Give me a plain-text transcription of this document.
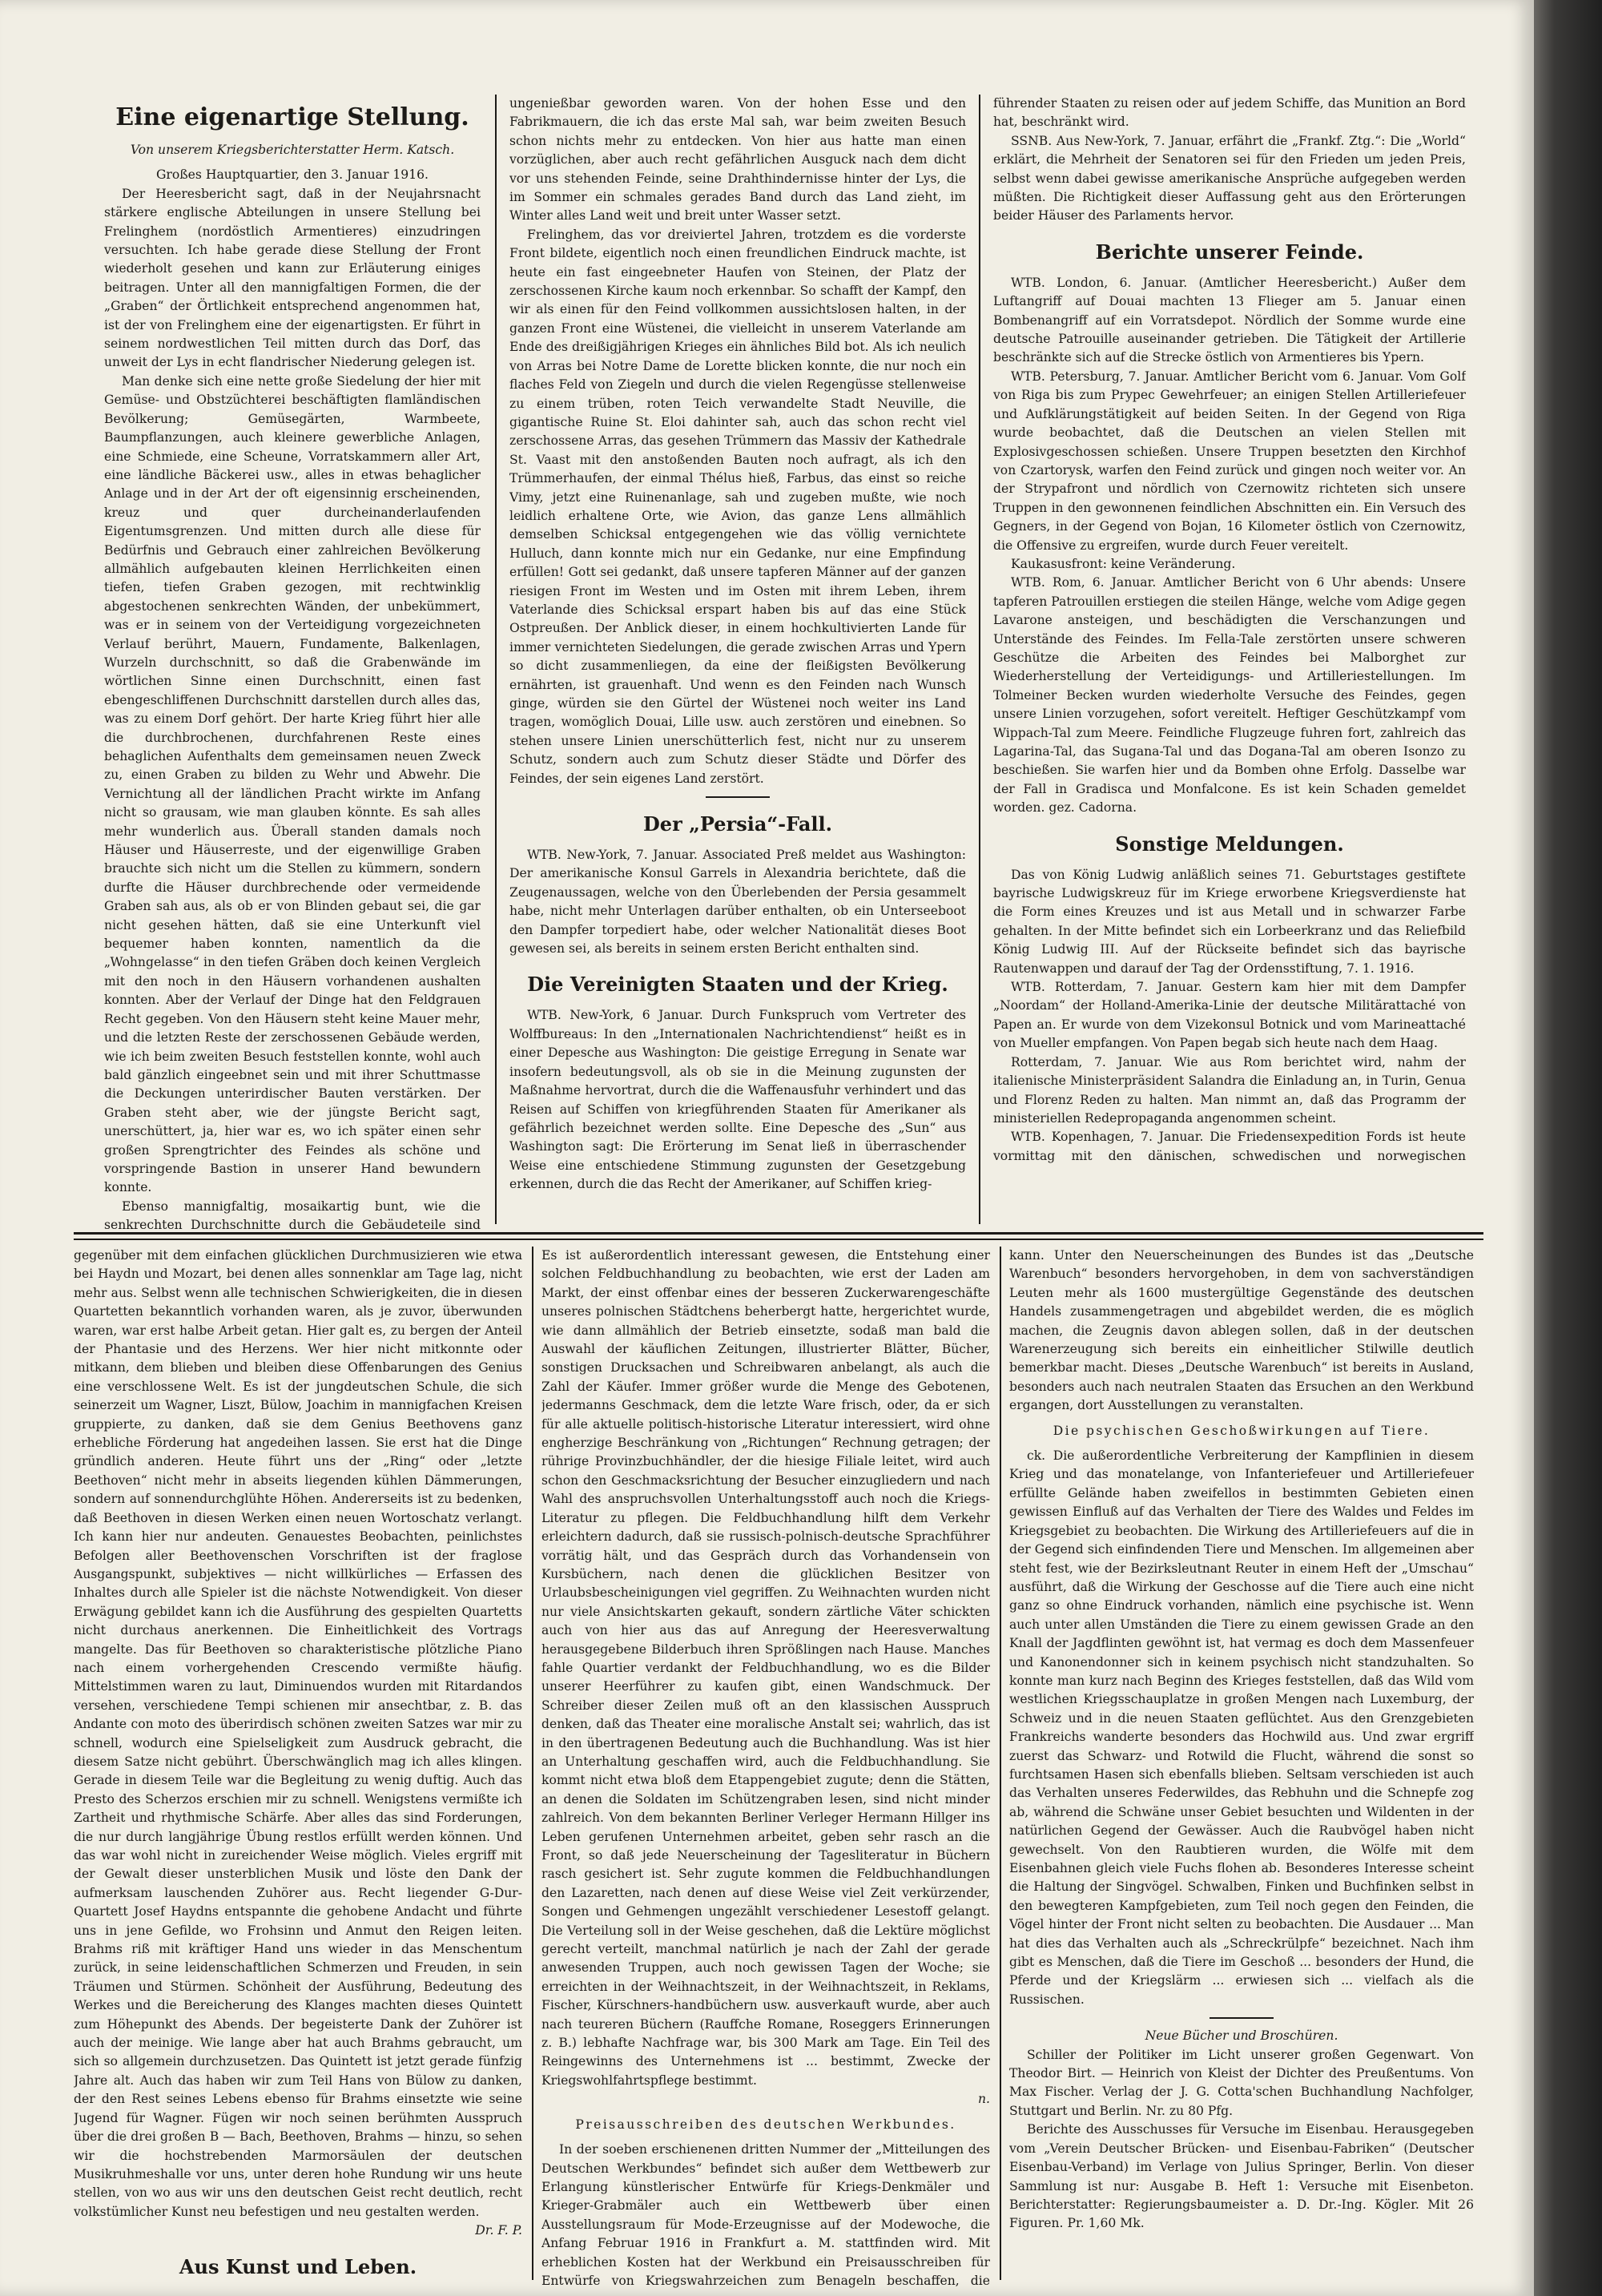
Eine eigenartige Stellung.

Von unserem Kriegsberichterstatter Herm. Katsch.

Großes Hauptquartier, den 3. Januar 1916.

Der Heeresbericht sagt, daß in der Neujahrsnacht stärkere englische Abteilungen in unsere Stellung bei Frelinghem (nordöstlich Armentieres) einzudringen versuchten. Ich habe gerade diese Stellung der Front wiederholt gesehen und kann zur Erläuterung einiges beitragen. Unter all den mannigfaltigen Formen, die der „Graben“ der Örtlichkeit entsprechend angenommen hat, ist der von Frelinghem eine der eigenartigsten. Er führt in seinem nordwestlichen Teil mitten durch das Dorf, das unweit der Lys in echt flandrischer Niederung gelegen ist.

Man denke sich eine nette große Siedelung der hier mit Gemüse- und Obstzüchterei beschäftigten flamländischen Bevölkerung; Gemüsegärten, Warmbeete, Baumpflanzungen, auch kleinere gewerbliche Anlagen, eine Schmiede, eine Scheune, Vorratskammern aller Art, eine ländliche Bäckerei usw., alles in etwas behaglicher Anlage und in der Art der oft eigensinnig erscheinenden, kreuz und quer durcheinanderlaufenden Eigentumsgrenzen. Und mitten durch alle diese für Bedürfnis und Gebrauch einer zahlreichen Bevölkerung allmählich aufgebauten kleinen Herrlichkeiten einen tiefen, tiefen Graben gezogen, mit rechtwinklig abgestochenen senkrechten Wänden, der unbekümmert, was er in seinem von der Verteidigung vorgezeichneten Verlauf berührt, Mauern, Fundamente, Balkenlagen, Wurzeln durchschnitt, so daß die Grabenwände im wörtlichen Sinne einen Durchschnitt, einen fast ebengeschliffenen Durchschnitt darstellen durch alles das, was zu einem Dorf gehört. Der harte Krieg führt hier alle die durchbrochenen, durchfahrenen Reste eines behaglichen Aufenthalts dem gemeinsamen neuen Zweck zu, einen Graben zu bilden zu Wehr und Abwehr. Die Vernichtung all der ländlichen Pracht wirkte im Anfang nicht so grausam, wie man glauben könnte. Es sah alles mehr wunderlich aus. Überall standen damals noch Häuser und Häuserreste, und der eigenwillige Graben brauchte sich nicht um die Stellen zu kümmern, sondern durfte die Häuser durchbrechende oder vermeidende Graben sah aus, als ob er von Blinden gebaut sei, die gar nicht gesehen hätten, daß sie eine Unterkunft viel bequemer haben konnten, namentlich da die „Wohngelasse“ in den tiefen Gräben doch keinen Vergleich mit den noch in den Häusern vorhandenen aushalten konnten. Aber der Verlauf der Dinge hat den Feldgrauen Recht gegeben. Von den Häusern steht keine Mauer mehr, und die letzten Reste der zerschossenen Gebäude werden, wie ich beim zweiten Besuch feststellen konnte, wohl auch bald gänzlich eingeebnet sein und mit ihrer Schuttmasse die Deckungen unterirdischer Bauten verstärken. Der Graben steht aber, wie der jüngste Bericht sagt, unerschüttert, ja, hier war es, wo ich später einen sehr großen Sprengtrichter des Feindes als schöne und vorspringende Bastion in unserer Hand bewundern konnte.

Ebenso mannigfaltig, mosaikartig bunt, wie die senkrechten Durchschnitte durch die Gebäudeteile sind

ungenießbar geworden waren. Von der hohen Esse und den Fabrikmauern, die ich das erste Mal sah, war beim zweiten Besuch schon nichts mehr zu entdecken. Von hier aus hatte man einen vorzüglichen, aber auch recht gefährlichen Ausguck nach dem dicht vor uns stehenden Feinde, seine Drahthindernisse hinter der Lys, die im Sommer ein schmales gerades Band durch das Land zieht, im Winter alles Land weit und breit unter Wasser setzt.

Frelinghem, das vor dreiviertel Jahren, trotzdem es die vorderste Front bildete, eigentlich noch einen freundlichen Eindruck machte, ist heute ein fast eingeebneter Haufen von Steinen, der Platz der zerschossenen Kirche kaum noch erkennbar. So schafft der Kampf, den wir als einen für den Feind vollkommen aussichtslosen halten, in der ganzen Front eine Wüstenei, die vielleicht in unserem Vaterlande am Ende des dreißigjährigen Krieges ein ähnliches Bild bot. Als ich neulich von Arras bei Notre Dame de Lorette blicken konnte, die nur noch ein flaches Feld von Ziegeln und durch die vielen Regengüsse stellenweise zu einem trüben, roten Teich verwandelte Stadt Neuville, die gigantische Ruine St. Eloi dahinter sah, auch das schon recht viel zerschossene Arras, das gesehen Trümmern das Massiv der Kathedrale St. Vaast mit den anstoßenden Bauten noch aufragt, als ich den Trümmerhaufen, der einmal Thélus hieß, Farbus, das einst so reiche Vimy, jetzt eine Ruinenanlage, sah und zugeben mußte, wie noch leidlich erhaltene Orte, wie Avion, das ganze Lens allmählich demselben Schicksal entgegengehen wie das völlig vernichtete Hulluch, dann konnte mich nur ein Gedanke, nur eine Empfindung erfüllen! Gott sei gedankt, daß unsere tapferen Männer auf der ganzen riesigen Front im Westen und im Osten mit ihrem Leben, ihrem Vaterlande dies Schicksal erspart haben bis auf das eine Stück Ostpreußen. Der Anblick dieser, in einem hochkultivierten Lande für immer vernichteten Siedelungen, die gerade zwischen Arras und Ypern so dicht zusammenliegen, da eine der fleißigsten Bevölkerung ernährten, ist grauenhaft. Und wenn es den Feinden nach Wunsch ginge, würden sie den Gürtel der Wüstenei noch weiter ins Land tragen, womöglich Douai, Lille usw. auch zerstören und einebnen. So stehen unsere Linien unerschütterlich fest, nicht nur zu unserem Schutz, sondern auch zum Schutz dieser Städte und Dörfer des Feindes, der sein eigenes Land zerstört.

Der „Persia“-Fall.

WTB. New-York, 7. Januar. Associated Preß meldet aus Washington: Der amerikanische Konsul Garrels in Alexandria berichtete, daß die Zeugenaussagen, welche von den Überlebenden der Persia gesammelt habe, nicht mehr Unterlagen darüber enthalten, ob ein Unterseeboot den Dampfer torpediert habe, oder welcher Nationalität dieses Boot gewesen sei, als bereits in seinem ersten Bericht enthalten sind.

Die Vereinigten Staaten und der Krieg.

WTB. New-York, 6 Januar. Durch Funkspruch vom Vertreter des Wolffbureaus: In den „Internationalen Nachrichtendienst“ heißt es in einer Depesche aus Washington: Die geistige Erregung in Senate war insofern bedeutungsvoll, als ob sie in die Meinung zugunsten der Maßnahme hervortrat, durch die die Waffenausfuhr verhindert und das Reisen auf Schiffen von kriegführenden Staaten für Amerikaner als gefährlich bezeichnet werden sollte. Eine Depesche des „Sun“ aus Washington sagt: Die Erörterung im Senat ließ in überraschender Weise eine entschiedene Stimmung zugunsten der Gesetzgebung erkennen, durch die das Recht der Amerikaner, auf Schiffen krieg-

führender Staaten zu reisen oder auf jedem Schiffe, das Munition an Bord hat, beschränkt wird.

SSNB. Aus New-York, 7. Januar, erfährt die „Frankf. Ztg.“: Die „World“ erklärt, die Mehrheit der Senatoren sei für den Frieden um jeden Preis, selbst wenn dabei gewisse amerikanische Ansprüche aufgegeben werden müßten. Die Richtigkeit dieser Auffassung geht aus den Erörterungen beider Häuser des Parlaments hervor.

Berichte unserer Feinde.

WTB. London, 6. Januar. (Amtlicher Heeresbericht.) Außer dem Luftangriff auf Douai machten 13 Flieger am 5. Januar einen Bombenangriff auf ein Vorratsdepot. Nördlich der Somme wurde eine deutsche Patrouille auseinander getrieben. Die Tätigkeit der Artillerie beschränkte sich auf die Strecke östlich von Armentieres bis Ypern.

WTB. Petersburg, 7. Januar. Amtlicher Bericht vom 6. Januar. Vom Golf von Riga bis zum Prypec Gewehrfeuer; an einigen Stellen Artilleriefeuer und Aufklärungstätigkeit auf beiden Seiten. In der Gegend von Riga wurde beobachtet, daß die Deutschen an vielen Stellen mit Explosivgeschossen schießen. Unsere Truppen besetzten den Kirchhof von Czartorysk, warfen den Feind zurück und gingen noch weiter vor. An der Strypafront und nördlich von Czernowitz richteten sich unsere Truppen in den gewonnenen feindlichen Abschnitten ein. Ein Versuch des Gegners, in der Gegend von Bojan, 16 Kilometer östlich von Czernowitz, die Offensive zu ergreifen, wurde durch Feuer vereitelt.

Kaukasusfront: keine Veränderung.

WTB. Rom, 6. Januar. Amtlicher Bericht von 6 Uhr abends: Unsere tapferen Patrouillen erstiegen die steilen Hänge, welche vom Adige gegen Lavarone ansteigen, und beschädigten die Verschanzungen und Unterstände des Feindes. Im Fella-Tale zerstörten unsere schweren Geschütze die Arbeiten des Feindes bei Malborghet zur Wiederherstellung der Verteidigungs- und Artilleriestellungen. Im Tolmeiner Becken wurden wiederholte Versuche des Feindes, gegen unsere Linien vorzugehen, sofort vereitelt. Heftiger Geschützkampf vom Wippach-Tal zum Meere. Feindliche Flugzeuge fuhren fort, zahlreich das Lagarina-Tal, das Sugana-Tal und das Dogana-Tal am oberen Isonzo zu beschießen. Sie warfen hier und da Bomben ohne Erfolg. Dasselbe war der Fall in Gradisca und Monfalcone. Es ist kein Schaden gemeldet worden. gez. Cadorna.

Sonstige Meldungen.

Das von König Ludwig anläßlich seines 71. Geburtstages gestiftete bayrische Ludwigskreuz für im Kriege erworbene Kriegsverdienste hat die Form eines Kreuzes und ist aus Metall und in schwarzer Farbe gehalten. In der Mitte befindet sich ein Lorbeerkranz und das Reliefbild König Ludwig III. Auf der Rückseite befindet sich das bayrische Rautenwappen und darauf der Tag der Ordensstiftung, 7. 1. 1916.

WTB. Rotterdam, 7. Januar. Gestern kam hier mit dem Dampfer „Noordam“ der Holland-Amerika-Linie der deutsche Militärattaché von Papen an. Er wurde von dem Vizekonsul Botnick und vom Marineattaché von Mueller empfangen. Von Papen begab sich heute nach dem Haag.

Rotterdam, 7. Januar. Wie aus Rom berichtet wird, nahm der italienische Ministerpräsident Salandra die Einladung an, in Turin, Genua und Florenz Reden zu halten. Man nimmt an, daß das Programm der ministeriellen Redepropaganda angenommen scheint.

WTB. Kopenhagen, 7. Januar. Die Friedensexpedition Fords ist heute vormittag mit den dänischen, schwedischen und norwegischen

gegenüber mit dem einfachen glücklichen Durchmusizieren wie etwa bei Haydn und Mozart, bei denen alles sonnenklar am Tage lag, nicht mehr aus. Selbst wenn alle technischen Schwierigkeiten, die in diesen Quartetten bekanntlich vorhanden waren, als je zuvor, überwunden waren, war erst halbe Arbeit getan. Hier galt es, zu bergen der Anteil der Phantasie und des Herzens. Wer hier nicht mitkonnte oder mitkann, dem blieben und bleiben diese Offenbarungen des Genius eine verschlossene Welt. Es ist der jungdeutschen Schule, die sich seinerzeit um Wagner, Liszt, Bülow, Joachim in mannigfachen Kreisen gruppierte, zu danken, daß sie dem Genius Beethovens ganz erhebliche Förderung hat angedeihen lassen. Sie erst hat die Dinge gründlich anderen. Heute führt uns der „Ring“ oder „letzte Beethoven“ nicht mehr in abseits liegenden kühlen Dämmerungen, sondern auf sonnendurchglühte Höhen. Andererseits ist zu bedenken, daß Beethoven in diesen Werken einen neuen Wortoschatz verlangt. Ich kann hier nur andeuten. Genauestes Beobachten, peinlichstes Befolgen aller Beethovenschen Vorschriften ist der fraglose Ausgangspunkt, subjektives — nicht willkürliches — Erfassen des Inhaltes durch alle Spieler ist die nächste Notwendigkeit. Von dieser Erwägung gebildet kann ich die Ausführung des gespielten Quartetts nicht durchaus anerkennen. Die Einheitlichkeit des Vortrags mangelte. Das für Beethoven so charakteristische plötzliche Piano nach einem vorhergehenden Crescendo vermißte häufig. Mittelstimmen waren zu laut, Diminuendos wurden mit Ritardandos versehen, verschiedene Tempi schienen mir ansechtbar, z. B. das Andante con moto des überirdisch schönen zweiten Satzes war mir zu schnell, wodurch eine Spielseligkeit zum Ausdruck gebracht, die diesem Satze nicht gebührt. Überschwänglich mag ich alles klingen. Gerade in diesem Teile war die Begleitung zu wenig duftig. Auch das Presto des Scherzos erschien mir zu schnell. Wenigstens vermißte ich Zartheit und rhythmische Schärfe. Aber alles das sind Forderungen, die nur durch langjährige Übung restlos erfüllt werden können. Und das war wohl nicht in zureichender Weise möglich. Vieles ergriff mit der Gewalt dieser unsterblichen Musik und löste den Dank der aufmerksam lauschenden Zuhörer aus. Recht liegender G-Dur-Quartett Josef Haydns entspannte die gehobene Andacht und führte uns in jene Gefilde, wo Frohsinn und Anmut den Reigen leiten. Brahms riß mit kräftiger Hand uns wieder in das Menschentum zurück, in seine leidenschaftlichen Schmerzen und Freuden, in sein Träumen und Stürmen. Schönheit der Ausführung, Bedeutung des Werkes und die Bereicherung des Klanges machten dieses Quintett zum Höhepunkt des Abends. Der begeisterte Dank der Zuhörer ist auch der meinige. Wie lange aber hat auch Brahms gebraucht, um sich so allgemein durchzusetzen. Das Quintett ist jetzt gerade fünfzig Jahre alt. Auch das haben wir zum Teil Hans von Bülow zu danken, der den Rest seines Lebens ebenso für Brahms einsetzte wie seine Jugend für Wagner. Fügen wir noch seinen berühmten Ausspruch über die drei großen B — Bach, Beethoven, Brahms — hinzu, so sehen wir die hochstrebenden Marmorsäulen der deutschen Musikruhmeshalle vor uns, unter deren hohe Rundung wir uns heute stellen, von wo aus wir uns den deutschen Geist recht deutlich, recht volkstümlicher Kunst neu befestigen und neu gestalten werden.

Dr. F. P.

Aus Kunst und Leben.

Es ist außerordentlich interessant gewesen, die Entstehung einer solchen Feldbuchhandlung zu beobachten, wie erst der Laden am Markt, der einst offenbar eines der besseren Zuckerwarengeschäfte unseres polnischen Städtchens beherbergt hatte, hergerichtet wurde, wie dann allmählich der Betrieb einsetzte, sodaß man bald die Auswahl der käuflichen Zeitungen, illustrierter Blätter, Bücher, sonstigen Drucksachen und Schreibwaren anbelangt, als auch die Zahl der Käufer. Immer größer wurde die Menge des Gebotenen, jedermanns Geschmack, dem die letzte Ware frisch, oder, da er sich für alle aktuelle politisch-historische Literatur interessiert, wird ohne engherzige Beschränkung von „Richtungen“ Rechnung getragen; der rührige Provinzbuchhändler, der die hiesige Filiale leitet, wird auch schon den Geschmacksrichtung der Besucher einzugliedern und nach Wahl des anspruchsvollen Unterhaltungsstoff auch noch die Kriegs-Literatur zu pflegen. Die Feldbuchhandlung hilft dem Verkehr erleichtern dadurch, daß sie russisch-polnisch-deutsche Sprachführer vorrätig hält, und das Gespräch durch das Vorhandensein von Kursbüchern, nach denen die glücklichen Besitzer von Urlaubsbescheinigungen viel gegriffen. Zu Weihnachten wurden nicht nur viele Ansichtskarten gekauft, sondern zärtliche Väter schickten auch von hier aus das auf Anregung der Heeresverwaltung herausgegebene Bilderbuch ihren Sprößlingen nach Hause. Manches fahle Quartier verdankt der Feldbuchhandlung, wo es die Bilder unserer Heerführer zu kaufen gibt, einen Wandschmuck. Der Schreiber dieser Zeilen muß oft an den klassischen Ausspruch denken, daß das Theater eine moralische Anstalt sei; wahrlich, das ist in den übertragenen Bedeutung auch die Buchhandlung. Was ist hier an Unterhaltung geschaffen wird, auch die Feldbuchhandlung. Sie kommt nicht etwa bloß dem Etappengebiet zugute; denn die Stätten, an denen die Soldaten im Schützengraben lesen, sind nicht minder zahlreich. Von dem bekannten Berliner Verleger Hermann Hillger ins Leben gerufenen Unternehmen arbeitet, geben sehr rasch an die Front, so daß jede Neuerscheinung der Tagesliteratur in Büchern rasch gesichert ist. Sehr zugute kommen die Feldbuchhandlungen den Lazaretten, nach denen auf diese Weise viel Zeit verkürzender, Songen und Gehmengen ungezählt verschiedener Lesestoff gelangt. Die Verteilung soll in der Weise geschehen, daß die Lektüre möglichst gerecht verteilt, manchmal natürlich je nach der Zahl der gerade anwesenden Truppen, auch noch gewissen Tagen der Woche; sie erreichten in der Weihnachtszeit, in der Weihnachtszeit, in Reklams, Fischer, Kürschners-handbüchern usw. ausverkauft wurde, aber auch nach teureren Büchern (Rauffche Romane, Roseggers Erinnerungen z. B.) lebhafte Nachfrage war, bis 300 Mark am Tage. Ein Teil des Reingewinns des Unternehmens ist ... bestimmt, Zwecke der Kriegswohlfahrtspflege bestimmt.

n.

Preisausschreiben des deutschen Werkbundes.

In der soeben erschienenen dritten Nummer der „Mitteilungen des Deutschen Werkbundes“ befindet sich außer dem Wettbewerb zur Erlangung künstlerischer Entwürfe für Kriegs-Denkmäler und Krieger-Grabmäler auch ein Wettbewerb über einen Ausstellungsraum für Mode-Erzeugnisse auf der Modewoche, die Anfang Februar 1916 in Frankfurt a. M. stattfinden wird. Mit erheblichen Kosten hat der Werkbund ein Preisausschreiben für Entwürfe von Kriegswahrzeichen zum Benageln beschaffen, die

kann. Unter den Neuerscheinungen des Bundes ist das „Deutsche Warenbuch“ besonders hervorgehoben, in dem von sachverständigen Leuten mehr als 1600 mustergültige Gegenstände des deutschen Handels zusammengetragen und abgebildet werden, die es möglich machen, die Zeugnis davon ablegen sollen, daß in der deutschen Warenerzeugung sich bereits ein einheitlicher Stilwille deutlich bemerkbar macht. Dieses „Deutsche Warenbuch“ ist bereits in Ausland, besonders auch nach neutralen Staaten das Ersuchen an den Werkbund ergangen, dort Ausstellungen zu veranstalten.

Die psychischen Geschoßwirkungen auf Tiere.

ck. Die außerordentliche Verbreiterung der Kampflinien in diesem Krieg und das monatelange, von Infanteriefeuer und Artilleriefeuer erfüllte Gelände haben zweifellos in bestimmten Gebieten einen gewissen Einfluß auf das Verhalten der Tiere des Waldes und Feldes im Kriegsgebiet zu beobachten. Die Wirkung des Artilleriefeuers auf die in der Gegend sich einfindenden Tiere und Menschen. Im allgemeinen aber steht fest, wie der Bezirksleutnant Reuter in einem Heft der „Umschau“ ausführt, daß die Wirkung der Geschosse auf die Tiere auch eine nicht ganz so ohne Eindruck vorhanden, nämlich eine psychische ist. Wenn auch unter allen Umständen die Tiere zu einem gewissen Grade an den Knall der Jagdflinten gewöhnt ist, hat vermag es doch dem Massenfeuer und Kanonendonner sich in keinem psychisch nicht standzuhalten. So konnte man kurz nach Beginn des Krieges feststellen, daß das Wild vom westlichen Kriegsschauplatze in großen Mengen nach Luxemburg, der Schweiz und in die neuen Staaten geflüchtet. Aus den Grenzgebieten Frankreichs wanderte besonders das Hochwild aus. Und zwar ergriff zuerst das Schwarz- und Rotwild die Flucht, während die sonst so furchtsamen Hasen sich ebenfalls blieben. Seltsam verschieden ist auch das Verhalten unseres Federwildes, das Rebhuhn und die Schnepfe zog ab, während die Schwäne unser Gebiet besuchten und Wildenten in der natürlichen Gegend der Gewässer. Auch die Raubvögel haben nicht gewechselt. Von den Raubtieren wurden, die Wölfe mit dem Eisenbahnen gleich viele Fuchs flohen ab. Besonderes Interesse scheint die Haltung der Singvögel. Schwalben, Finken und Buchfinken selbst in den bewegteren Kampfgebieten, zum Teil noch gegen den Feinden, die Vögel hinter der Front nicht selten zu beobachten. Die Ausdauer ... Man hat dies das Verhalten auch als „Schreckrülpfe“ bezeichnet. Nach ihm gibt es Menschen, daß die Tiere im Geschoß ... besonders der Hund, die Pferde und der Kriegslärm ... erwiesen sich ... vielfach als die Russischen.

Neue Bücher und Broschüren.

Schiller der Politiker im Licht unserer großen Gegenwart. Von Theodor Birt. — Heinrich von Kleist der Dichter des Preußentums. Von Max Fischer. Verlag der J. G. Cotta'schen Buchhandlung Nachfolger, Stuttgart und Berlin. Nr. zu 80 Pfg.

Berichte des Ausschusses für Versuche im Eisenbau. Herausgegeben vom „Verein Deutscher Brücken- und Eisenbau-Fabriken“ (Deutscher Eisenbau-Verband) im Verlage von Julius Springer, Berlin. Von dieser Sammlung ist nur: Ausgabe B. Heft 1: Versuche mit Eisenbeton. Berichterstatter: Regierungsbaumeister a. D. Dr.-Ing. Kögler. Mit 26 Figuren. Pr. 1,60 Mk.
